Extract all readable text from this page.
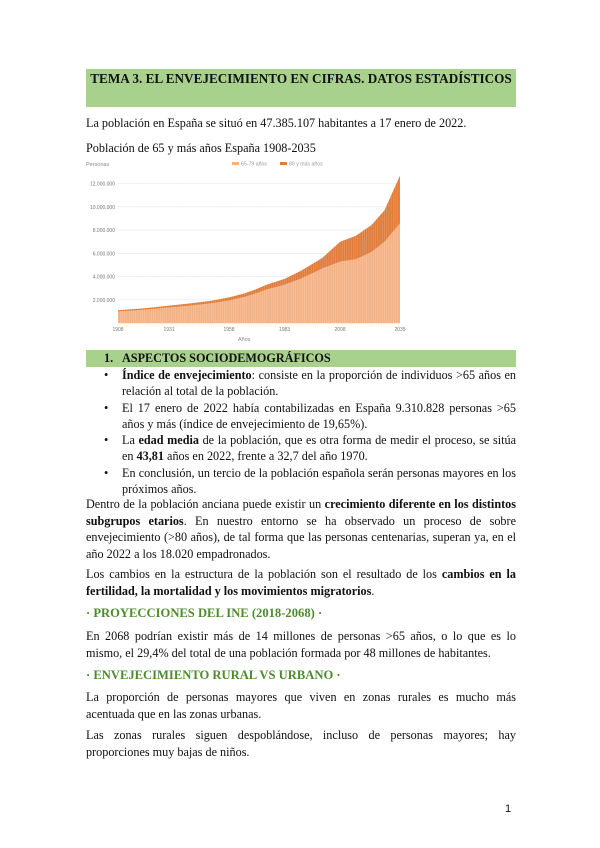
TEMA 3. EL ENVEJECIMIENTO EN CIFRAS. DATOS ESTADÍSTICOS
La población en España se situó en 47.385.107 habitantes a 17 enero de 2022.
Población de 65 y más años España 1908-2035
2.000.000
4.000.000
6.000.000
8.000.000
10.000.000
12.000.000
1908	1931	1958	1983	2008	2035
Personas
Años
65-79 años	80 y más años
1. ASPECTOS SOCIODEMOGRÁFICOS
• Índice de envejecimiento: consiste en la proporción de individuos >65 años en relación al total de la población.
• El 17 enero de 2022 había contabilizadas en España 9.310.828 personas >65 años y más (índice de envejecimiento de 19,65%).
• La edad media de la población, que es otra forma de medir el proceso, se sitúa en 43,81 años en 2022, frente a 32,7 del año 1970.
• En conclusión, un tercio de la población española serán personas mayores en los próximos años.
Dentro de la población anciana puede existir un crecimiento diferente en los distintos subgrupos etarios. En nuestro entorno se ha observado un proceso de sobre envejecimiento (>80 años), de tal forma que las personas centenarias, superan ya, en el año 2022 a los 18.020 empadronados.
Los cambios en la estructura de la población son el resultado de los cambios en la fertilidad, la mortalidad y los movimientos migratorios.
· PROYECCIONES DEL INE (2018-2068) ·
En 2068 podrían existir más de 14 millones de personas >65 años, o lo que es lo mismo, el 29,4% del total de una población formada por 48 millones de habitantes.
· ENVEJECIMIENTO RURAL VS URBANO ·
La proporción de personas mayores que viven en zonas rurales es mucho más acentuada que en las zonas urbanas.
Las zonas rurales siguen despoblándose, incluso de personas mayores; hay proporciones muy bajas de niños.
1
